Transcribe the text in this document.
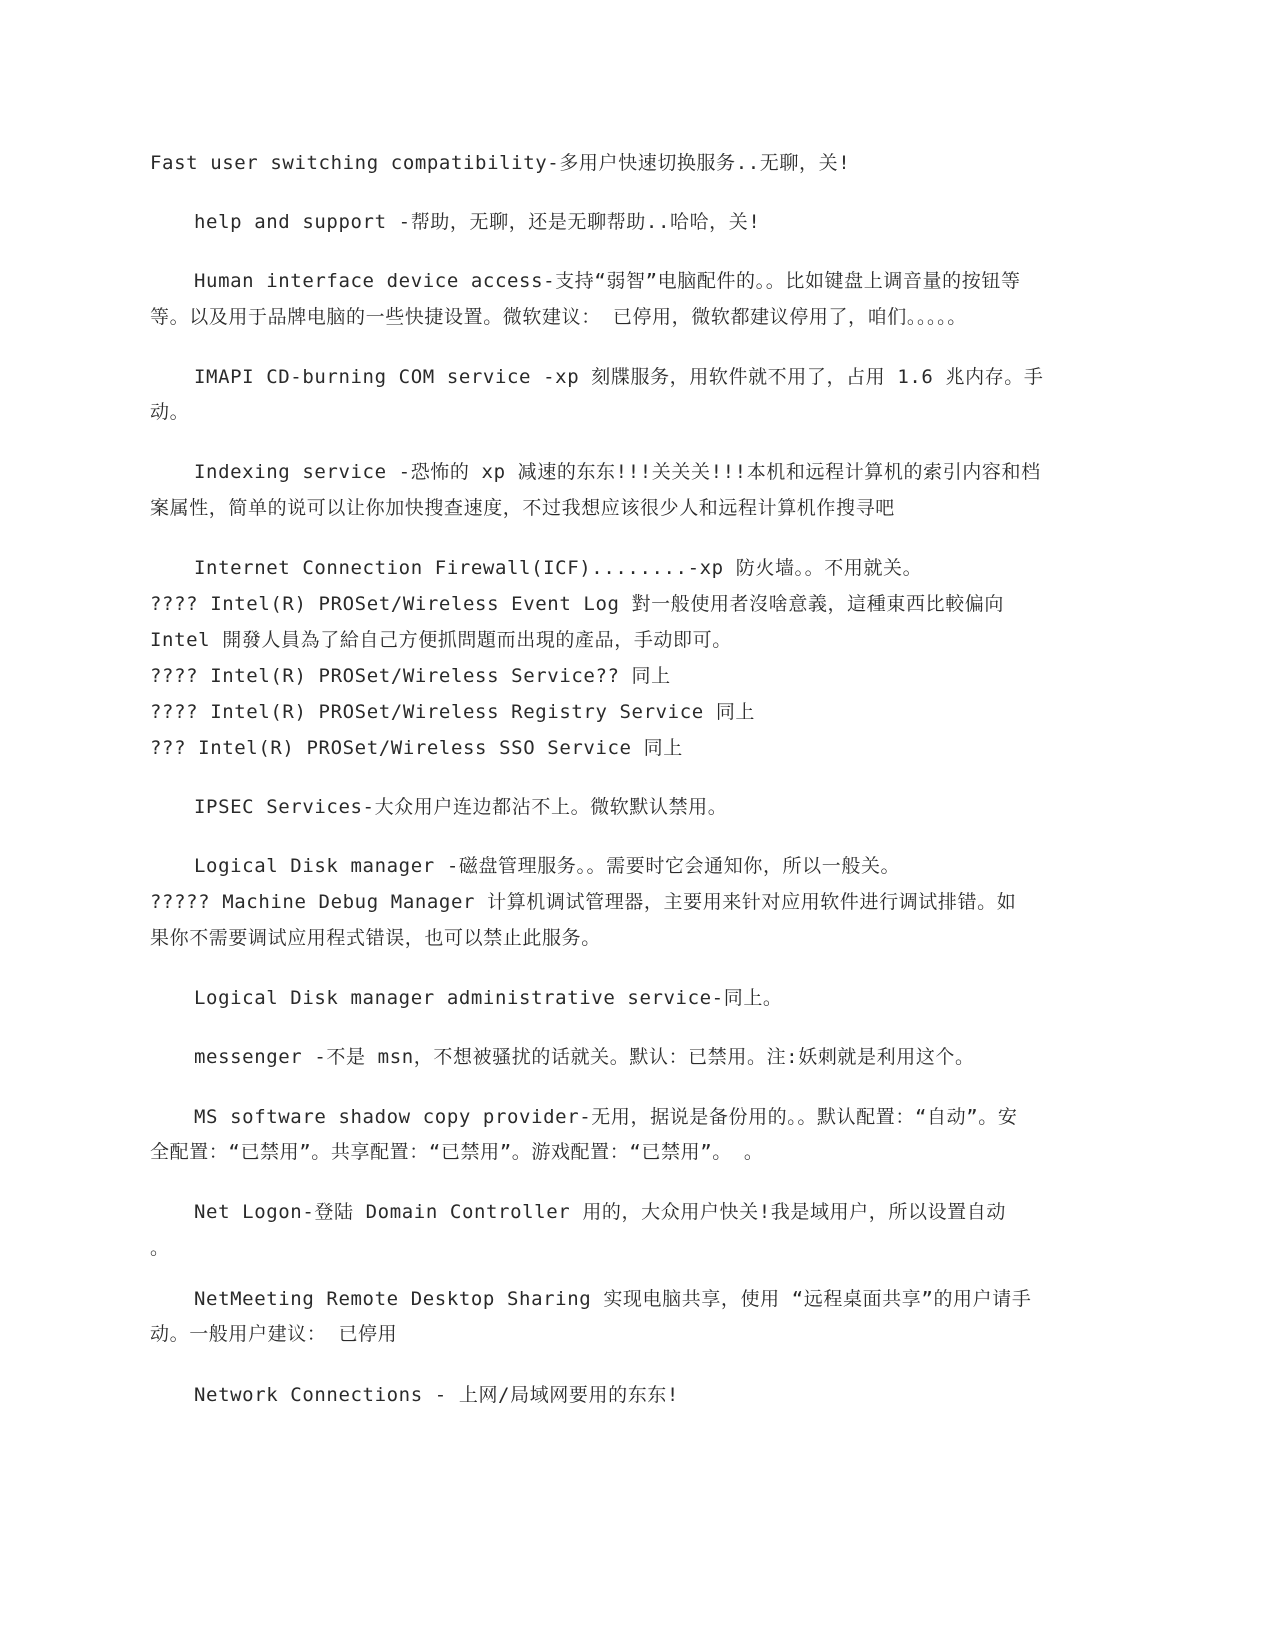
Fast user switching compatibility-多用户快速切换服务..无聊，关!
help and support -帮助，无聊，还是无聊帮助..哈哈，关!
Human interface device access-支持“弱智”电脑配件的。。比如键盘上调音量的按钮等
等。以及用于品牌电脑的一些快捷设置。微软建议： 已停用，微软都建议停用了，咱们。。。。。
IMAPI CD-burning COM service -xp 刻牒服务，用软件就不用了，占用 1.6 兆内存。手
动。
Indexing service -恐怖的 xp 减速的东东!!!关关关!!!本机和远程计算机的索引内容和档
案属性，简单的说可以让你加快搜查速度，不过我想应该很少人和远程计算机作搜寻吧
Internet Connection Firewall(ICF)........-xp 防火墙。。不用就关。
???? Intel(R) PROSet/Wireless Event Log 對一般使用者沒啥意義，這種東西比較偏向
Intel 開發人員為了給自己方便抓問題而出現的產品，手动即可。
???? Intel(R) PROSet/Wireless Service?? 同上
???? Intel(R) PROSet/Wireless Registry Service 同上
??? Intel(R) PROSet/Wireless SSO Service 同上
IPSEC Services-大众用户连边都沾不上。微软默认禁用。
Logical Disk manager -磁盘管理服务。。需要时它会通知你，所以一般关。
????? Machine Debug Manager 计算机调试管理器，主要用来针对应用软件进行调试排错。如
果你不需要调试应用程式错误，也可以禁止此服务。
Logical Disk manager administrative service-同上。
messenger -不是 msn，不想被骚扰的话就关。默认：已禁用。注:妖刺就是利用这个。
MS software shadow copy provider-无用，据说是备份用的。。默认配置：“自动”。安
全配置：“已禁用”。共享配置：“已禁用”。游戏配置：“已禁用”。 。
Net Logon-登陆 Domain Controller 用的，大众用户快关!我是域用户，所以设置自动
。
NetMeeting Remote Desktop Sharing 实现电脑共享，使用 “远程桌面共享”的用户请手
动。一般用户建议： 已停用
Network Connections - 上网/局域网要用的东东!
